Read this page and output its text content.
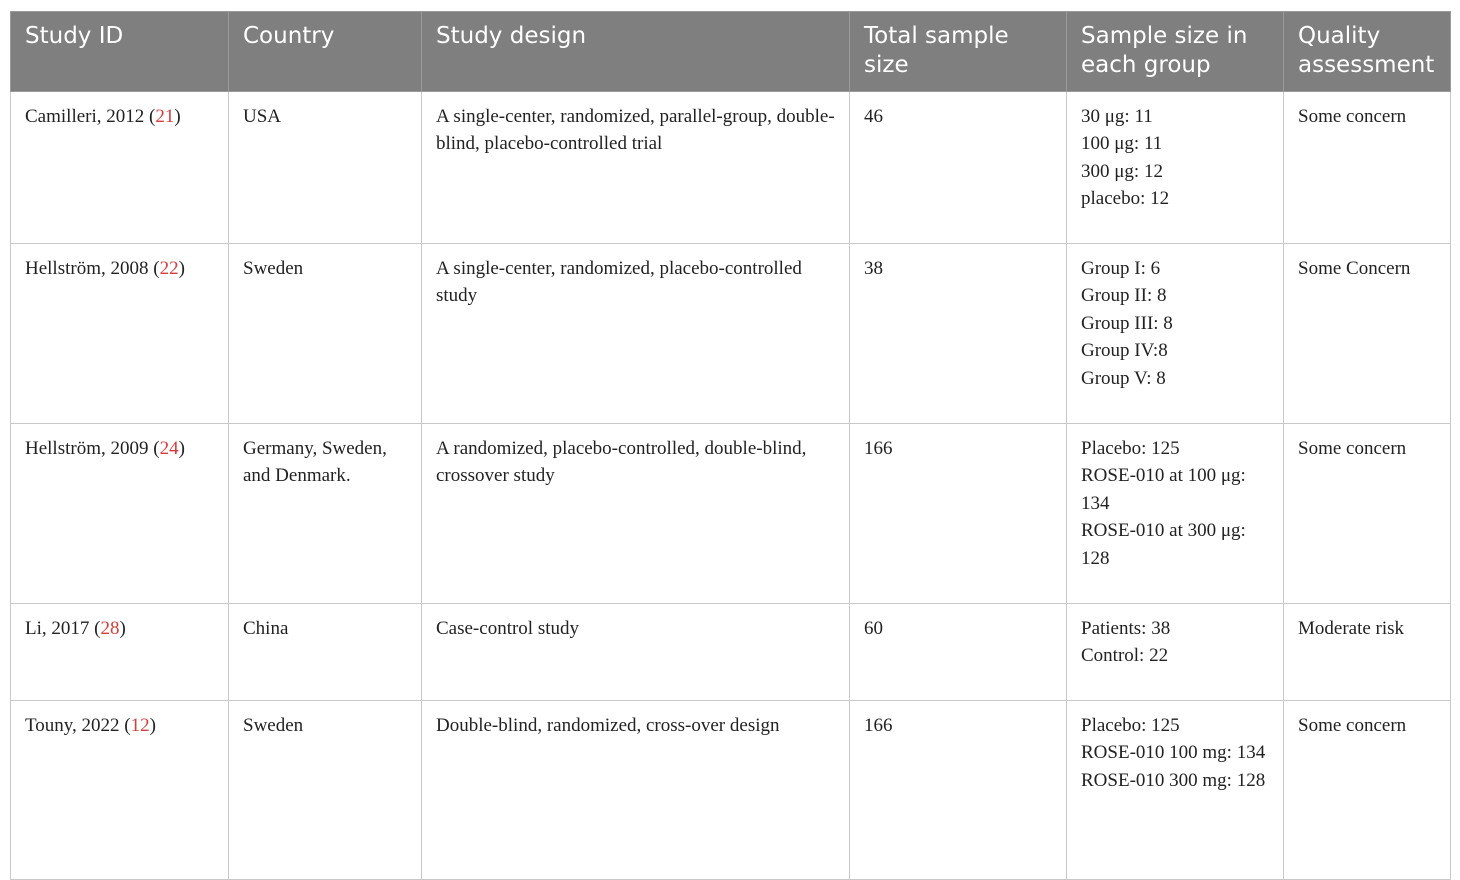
Study ID	Country	Study design	Total sample size	Sample size in each group	Quality assessment
Camilleri, 2012 (21)	USA	A single-center, randomized, parallel-group, double-blind, placebo-controlled trial	46	30 μg: 11
100 μg: 11
300 μg: 12
placebo: 12	Some concern
Hellström, 2008 (22)	Sweden	A single-center, randomized, placebo-controlled study	38	Group I: 6
Group II: 8
Group III: 8
Group IV:8
Group V: 8	Some Concern
Hellström, 2009 (24)	Germany, Sweden, and Denmark.	A randomized, placebo-controlled, double-blind, crossover study	166	Placebo: 125
ROSE-010 at 100 μg: 134
ROSE-010 at 300 μg: 128	Some concern
Li, 2017 (28)	China	Case-control study	60	Patients: 38
Control: 22	Moderate risk
Touny, 2022 (12)	Sweden	Double-blind, randomized, cross-over design	166	Placebo: 125
ROSE-010 100 mg: 134
ROSE-010 300 mg: 128	Some concern
